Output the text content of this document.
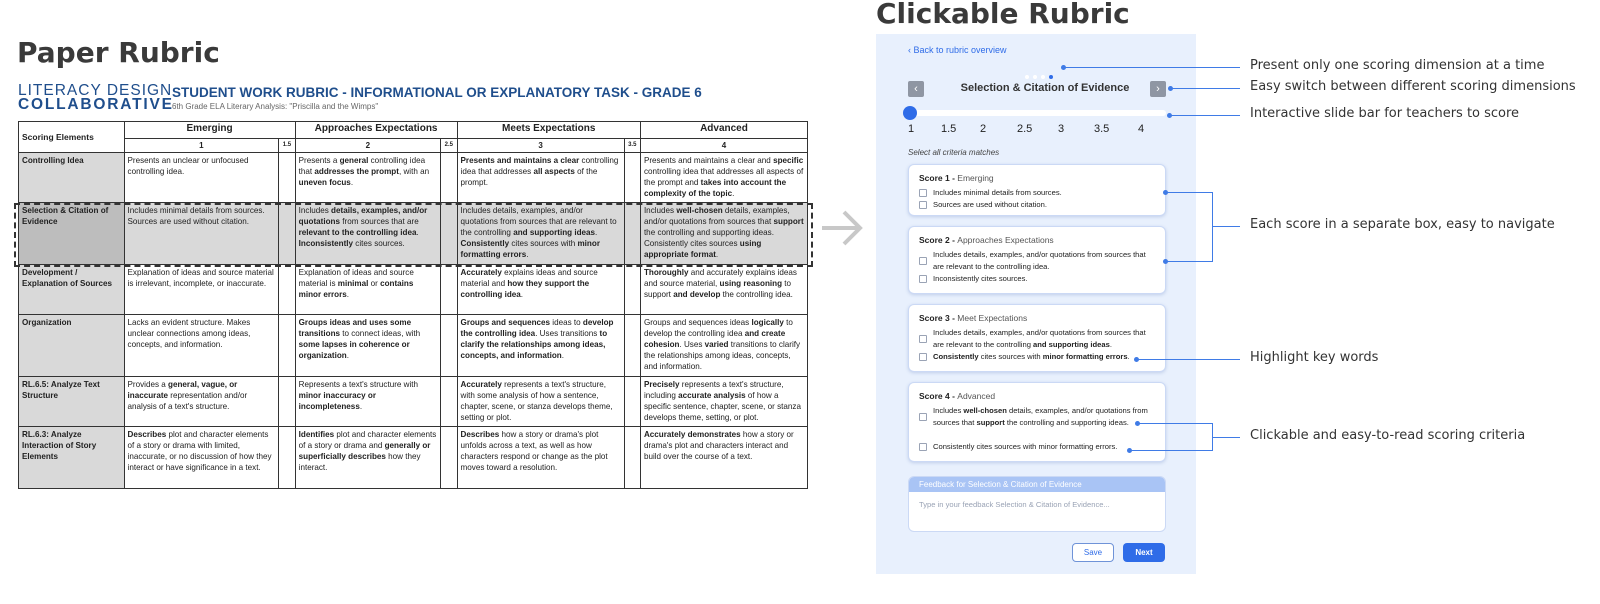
Paper Rubric
LITERACY DESIGN
COLLABORATIVE
STUDENT WORK RUBRIC - INFORMATIONAL OR EXPLANATORY TASK - GRADE 6
6th Grade ELA Literary Analysis: "Priscilla and the Wimps"
Scoring Elements	Emerging		Approaches Expectations		Meets Expectations		Advanced
	1	1.5	2	2.5	3	3.5	4
Controlling Idea	Presents an unclear or unfocused controlling idea.		Presents a general controlling idea that addresses the prompt, with an uneven focus.		Presents and maintains a clear controlling idea that addresses all aspects of the prompt.		Presents and maintains a clear and specific controlling idea that addresses all aspects of the prompt and takes into account the complexity of the topic.
Selection & Citation of Evidence	Includes minimal details from sources. Sources are used without citation.		Includes details, examples, and/or quotations from sources that are relevant to the controlling idea. Inconsistently cites sources.		Includes details, examples, and/or quotations from sources that are relevant to the controlling and supporting ideas. Consistently cites sources with minor formatting errors.		Includes well-chosen details, examples, and/or quotations from sources that support the controlling and supporting ideas. Consistently cites sources using appropriate format.
Development / Explanation of Sources	Explanation of ideas and source material is irrelevant, incomplete, or inaccurate.		Explanation of ideas and source material is minimal or contains minor errors.		Accurately explains ideas and source material and how they support the controlling idea.		Thoroughly and accurately explains ideas and source material, using reasoning to support and develop the controlling idea.
Organization	Lacks an evident structure. Makes unclear connections among ideas, concepts, and information.		Groups ideas and uses some transitions to connect ideas, with some lapses in coherence or organization.		Groups and sequences ideas to develop the controlling idea. Uses transitions to clarify the relationships among ideas, concepts, and information.		Groups and sequences ideas logically to develop the controlling idea and create cohesion. Uses varied transitions to clarify the relationships among ideas, concepts, and information.
RL.6.5: Analyze Text Structure	Provides a general, vague, or inaccurate representation and/or analysis of a text's structure.		Represents a text's structure with minor inaccuracy or incompleteness.		Accurately represents a text's structure, with some analysis of how a sentence, chapter, scene, or stanza develops theme, setting or plot.		Precisely represents a text's structure, including accurate analysis of how a specific sentence, chapter, scene, or stanza develops theme, setting, or plot.
RL.6.3: Analyze Interaction of Story Elements	Describes plot and character elements of a story or drama with limited, inaccurate, or no discussion of how they interact or have significance in a text.		Identifies plot and character elements of a story or drama and generally or superficially describes how they interact.		Describes how a story or drama's plot unfolds across a text, as well as how characters respond or change as the plot moves toward a resolution.		Accurately demonstrates how a story or drama's plot and characters interact and build over the course of a text.
Clickable Rubric
‹ Back to rubric overview
‹	Selection & Citation of Evidence	›
1 1.5 2	2.5 3	3.5	4
Select all criteria matches
Score 1 - Emerging
Includes minimal details from sources.
Sources are used without citation.
Score 2 - Approaches Expectations
Includes details, examples, and/or quotations from sources that are relevant to the controlling idea.
Inconsistently cites sources.
Score 3 - Meet Expectations
Includes details, examples, and/or quotations from sources that are relevant to the controlling and supporting ideas.
Consistently cites sources with minor formatting errors.
Score 4 - Advanced
Includes well-chosen details, examples, and/or quotations from sources that support the controlling and supporting ideas.
Consistently cites sources with minor formatting errors.
Feedback for Selection & Citation of Evidence
Type in your feedback Selection & Citation of Evidence...
Save	Next
Present only one scoring dimension at a time
Easy switch between different scoring dimensions
Interactive slide bar for teachers to score
Each score in a separate box, easy to navigate
Highlight key words
Clickable and easy-to-read scoring criteria
